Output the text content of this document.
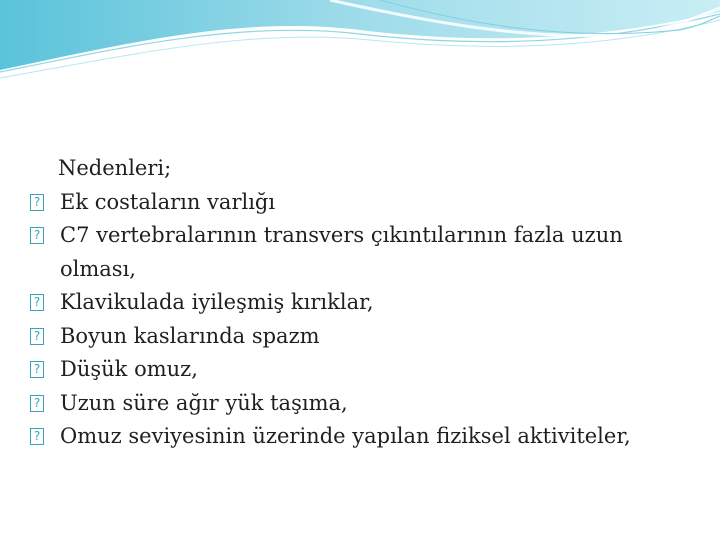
Nedenleri;

?
Ek costaların varlığı
?
C7 vertebralarının transvers çıkıntılarının fazla uzun olması,
?
Klavikulada iyileşmiş kırıklar,
?
Boyun kaslarında spazm
?
Düşük omuz,
?
Uzun süre ağır yük taşıma,
?
Omuz seviyesinin üzerinde yapılan fiziksel aktiviteler,
